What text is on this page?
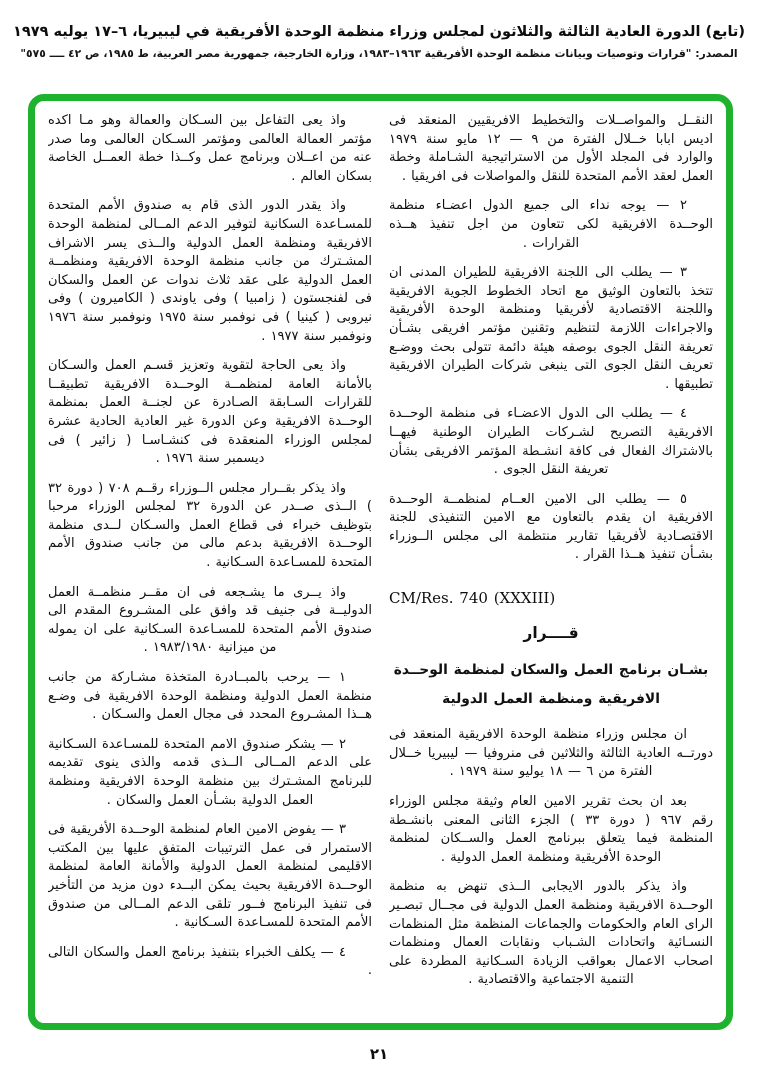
(تابع) الدورة العادية الثالثة والثلاثون لمجلس وزراء منظمة الوحدة الأفريقية في ليبيريا، ٦–١٧ يوليه ١٩٧٩
المصدر: "قرارات وتوصيات وبيانات منظمة الوحدة الأفريقية ١٩٦٣–١٩٨٣، وزارة الخارجية، جمهورية مصر العربية، ط ١٩٨٥، ص ٤٢ ــــ ٥٧٥"

النقــل والمواصــلات والتخطيط الافريقيين المنعقد فى اديس ابابا خــلال الفترة من ٩ — ١٢ مايو سنة ١٩٧٩ والوارد فى المجلد الأول من الاستراتيجية الشـاملة وخطة العمل لعقد الأمم المتحدة للنقل والمواصلات فى افريقيا .

٢ — يوجه نداء الى جميع الدول اعضـاء منظمة الوحــدة الافريقية لكى تتعاون من اجل تنفيذ هــذه القرارات .

٣ — يطلب الى اللجنة الافريقية للطيران المدنى ان تتخذ بالتعاون الوثيق مع اتحاد الخطوط الجوية الافريقية واللجنة الاقتصادية لأفريقيا ومنظمة الوحدة الأفريقية والاجراءات اللازمة لتنظيم وتقنين مؤتمر افريقى بشـأن تعريفة النقل الجوى بوصفه هيئة دائمة تتولى بحث ووضـع تعريف النقل الجوى التى ينبغى شركات الطيران الافريقية تطبيقها .

٤ — يطلب الى الدول الاعضـاء فى منظمة الوحــدة الافريقية التصريح لشـركات الطيران الوطنية فيهــا بالاشتراك الفعال فى كافة انشـطة المؤتمر الافريقى بشأن تعريفة النقل الجوى .

٥ — يطلب الى الامين العــام لمنظمــة الوحــدة الافريقية ان يقدم بالتعاون مع الامين التنفيذى للجنة الاقتصـادية لأفريقيا تقارير منتظمة الى مجلس الــوزراء بشـأن تنفيذ هــذا القرار .

CM/Res. 740 (XXXIII)

قــــرار

بشـان برنامج العمل والسكان لمنظمة الوحــدة الافريقية ومنظمة العمل الدولية

ان مجلس وزراء منظمة الوحدة الافريقية المنعقد فى دورتــه العادية الثالثة والثلاثين فى منروفيا — ليبيريا خــلال الفترة من ٦ — ١٨ يوليو سنة ١٩٧٩ .

بعد ان بحث تقرير الامين العام وثيقة مجلس الوزراء رقم ٩٦٧ ( دورة ٣٣ ) الجزء الثانى المعنى بانشـطة المنظمة فيما يتعلق ببرنامج العمل والســكان لمنظمة الوحدة الأفريقية ومنظمة العمل الدولية .

واذ يذكر بالدور الايجابى الــذى تنهض به منظمة الوحــدة الافريقية ومنظمة العمل الدولية فى مجــال تبصـير الراى العام والحكومات والجماعات المنظمة مثل المنظمات النسـائية واتحادات الشـباب ونقابات العمال ومنظمات اصحاب الاعمال بعواقب الزيادة السـكانية المطردة على التنمية الاجتماعية والاقتصادية .

واذ يعى التفاعل بين السـكان والعمالة وهو مـا اكده مؤتمر العمالة العالمى ومؤتمر السـكان العالمى وما صدر عنه من اعــلان وبرنامج عمل وكــذا خطة العمــل الخاصة بسكان العالم .

واذ يقدر الدور الذى قام به صندوق الأمم المتحدة للمسـاعدة السكانية لتوفير الدعم المــالى لمنظمة الوحدة الافريقية ومنظمة العمل الدولية والــذى يسر الاشراف المشـترك من جانب منظمة الوحدة الافريقية ومنظمــة العمل الدولية على عقد ثلاث ندوات عن العمل والسكان فى لفنجستون ( زامبيا ) وفى ياوندى ( الكاميرون ) وفى نيروبى ( كينيا ) فى نوفمبر سنة ١٩٧٥ ونوفمبر سنة ١٩٧٦ ونوفمبر سنة ١٩٧٧ .

واذ يعى الحاجة لتقوية وتعزيز قسـم العمل والسـكان بالأمانة العامة لمنظمــة الوحــدة الافريقية تطبيقــا للقرارات السـابقة الصـادرة عن لجنــة العمل بمنظمة الوحــدة الافريقية وعن الدورة غير العادية الحادية عشرة لمجلس الوزراء المنعقدة فى كنشـاسـا ( زائير ) فى ديسمبر سنة ١٩٧٦ .

واذ يذكر بقــرار مجلس الــوزراء رقــم ٧٠٨ ( دورة ٣٢ ) الــذى صــدر عن الدورة ٣٢ لمجلس الوزراء مرحبا بتوظيف خبراء فى قطاع العمل والسـكان لــدى منظمة الوحــدة الافريقية بدعم مالى من جانب صندوق الأمم المتحدة للمسـاعدة السـكانية .

واذ يــرى ما يشـجعه فى ان مقــر منظمــة العمل الدوليــة فى جنيف قد وافق على المشـروع المقدم الى صندوق الأمم المتحدة للمسـاعدة السـكانية على ان يموله من ميزانية ١٩٨٣/١٩٨٠ .

١ — يرحب بالمبــادرة المتخذة مشـاركة من جانب منظمة العمل الدولية ومنظمة الوحدة الافريقية فى وضـع هــذا المشـروع المحدد فى مجال العمل والسـكان .

٢ — يشكر صندوق الامم المتحدة للمسـاعدة السـكانية على الدعم المــالى الــذى قدمه والذى ينوى تقديمه للبرنامج المشـترك بين منظمة الوحدة الافريقية ومنظمة العمل الدولية بشـأن العمل والسكان .

٣ — يفوض الامين العام لمنظمة الوحــدة الأفريقية فى الاستمرار فى عمل الترتيبات المتفق عليها بين المكتب الاقليمى لمنظمة العمل الدولية والأمانة العامة لمنظمة الوحــدة الافريقية بحيث يمكن البــدء دون مزيد من التأخير فى تنفيذ البرنامج فــور تلقى الدعم المــالى من صندوق الأمم المتحدة للمسـاعدة السـكانية .

٤ — يكلف الخبراء بتنفيذ برنامج العمل والسكان التالى .

٢١
